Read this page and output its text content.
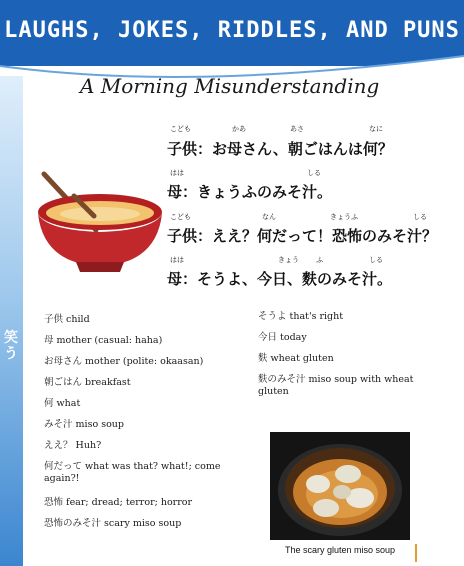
LAUGHS, JOKES, RIDDLES, AND PUNS
笑う
A Morning Misunderstanding
子供：お母さん、朝ごはんは何？
母：きょうふのみそ汁。
子供：ええ？何だって！恐怖のみそ汁？
母：そうよ、今日、麩のみそ汁。
こども	かあ	あさ	なに
はは	しる
こども	なん	きょうふ	しる
はは	きょう ふ	しる
子供 child
母 mother (casual: haha)
お母さん mother (polite: okaasan)
朝ごはん breakfast
何 what
みそ汁 miso soup
ええ？ Huh?
何だって what was that? what!; come again?!
恐怖 fear; dread; terror; horror
恐怖のみそ汁 scary miso soup
そうよ that's right
今日 today
麩 wheat gluten
麩のみそ汁 miso soup with wheat gluten
The scary gluten miso soup
